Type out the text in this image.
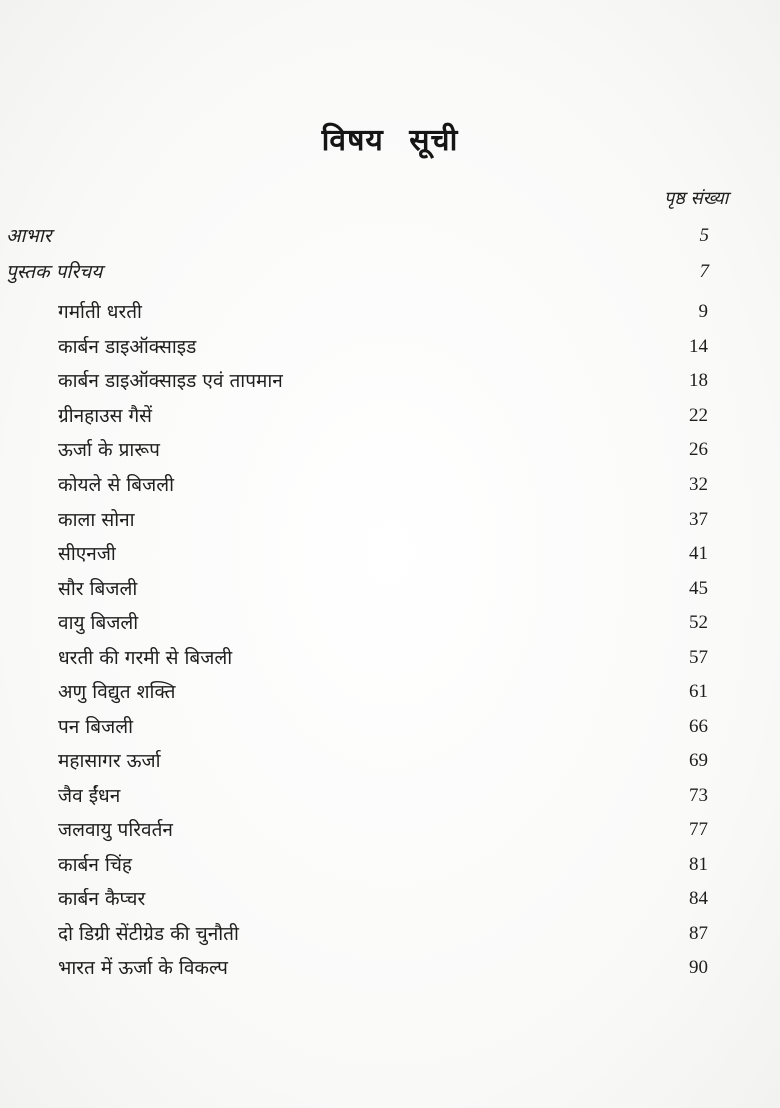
विषय सूची
पृष्ठ संख्या
आभार	5
पुस्तक परिचय	7
गर्माती धरती	9
कार्बन डाइऑक्साइड	14
कार्बन डाइऑक्साइड एवं तापमान	18
ग्रीनहाउस गैसें	22
ऊर्जा के प्रारूप	26
कोयले से बिजली	32
काला सोना	37
सीएनजी	41
सौर बिजली	45
वायु बिजली	52
धरती की गरमी से बिजली	57
अणु विद्युत शक्ति	61
पन बिजली	66
महासागर ऊर्जा	69
जैव ईंधन	73
जलवायु परिवर्तन	77
कार्बन चिंह	81
कार्बन कैप्चर	84
दो डिग्री सेंटीग्रेड की चुनौती	87
भारत में ऊर्जा के विकल्प	90
